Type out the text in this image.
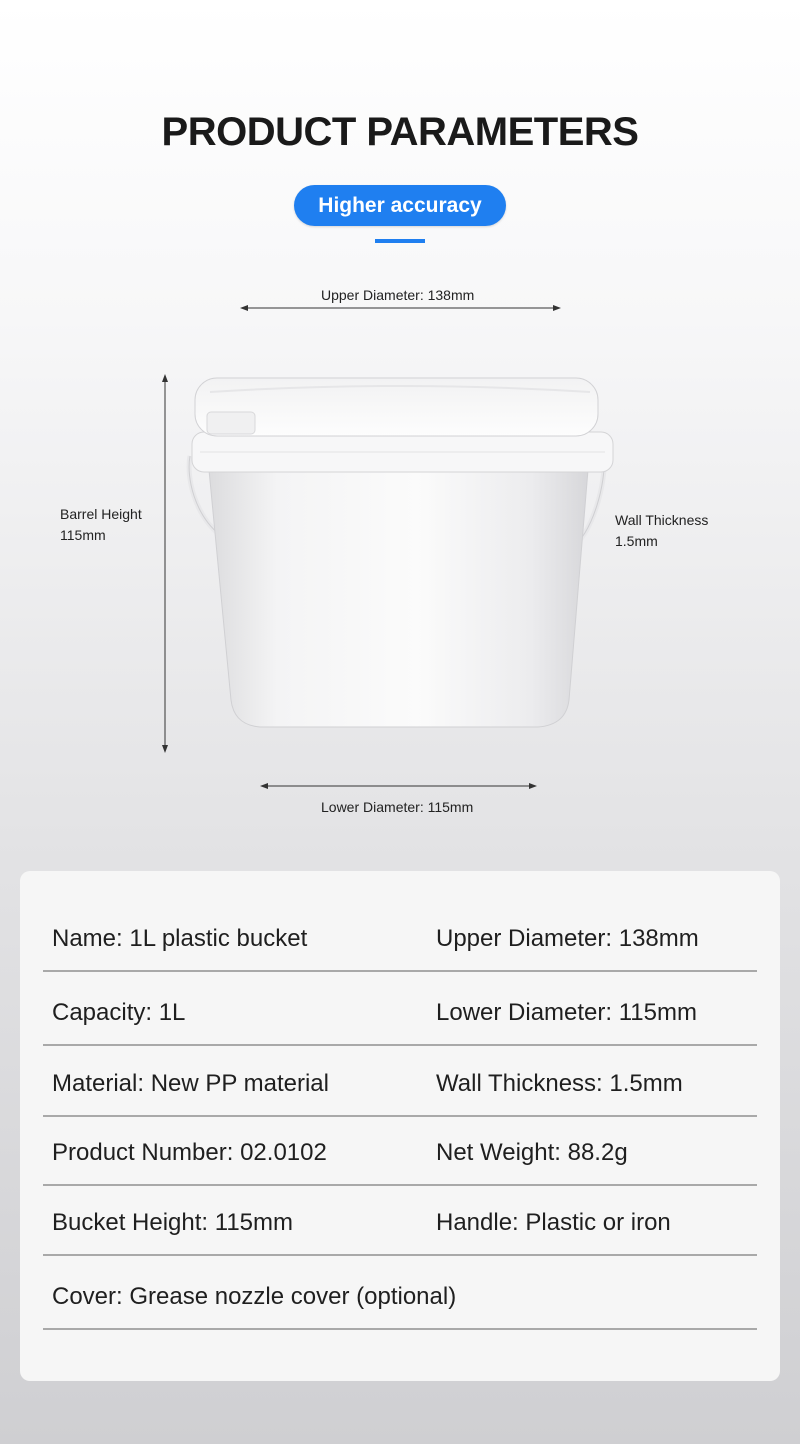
PRODUCT PARAMETERS
Higher accuracy
Upper Diameter: 138mm
Lower Diameter: 115mm
Barrel Height
115mm
Wall Thickness
1.5mm
Name: 1L plastic bucket	Upper Diameter: 138mm
Capacity: 1L	Lower Diameter: 115mm
Material: New PP material	Wall Thickness: 1.5mm
Product Number: 02.0102	Net Weight: 88.2g
Bucket Height: 115mm	Handle: Plastic or iron
Cover: Grease nozzle cover (optional)
